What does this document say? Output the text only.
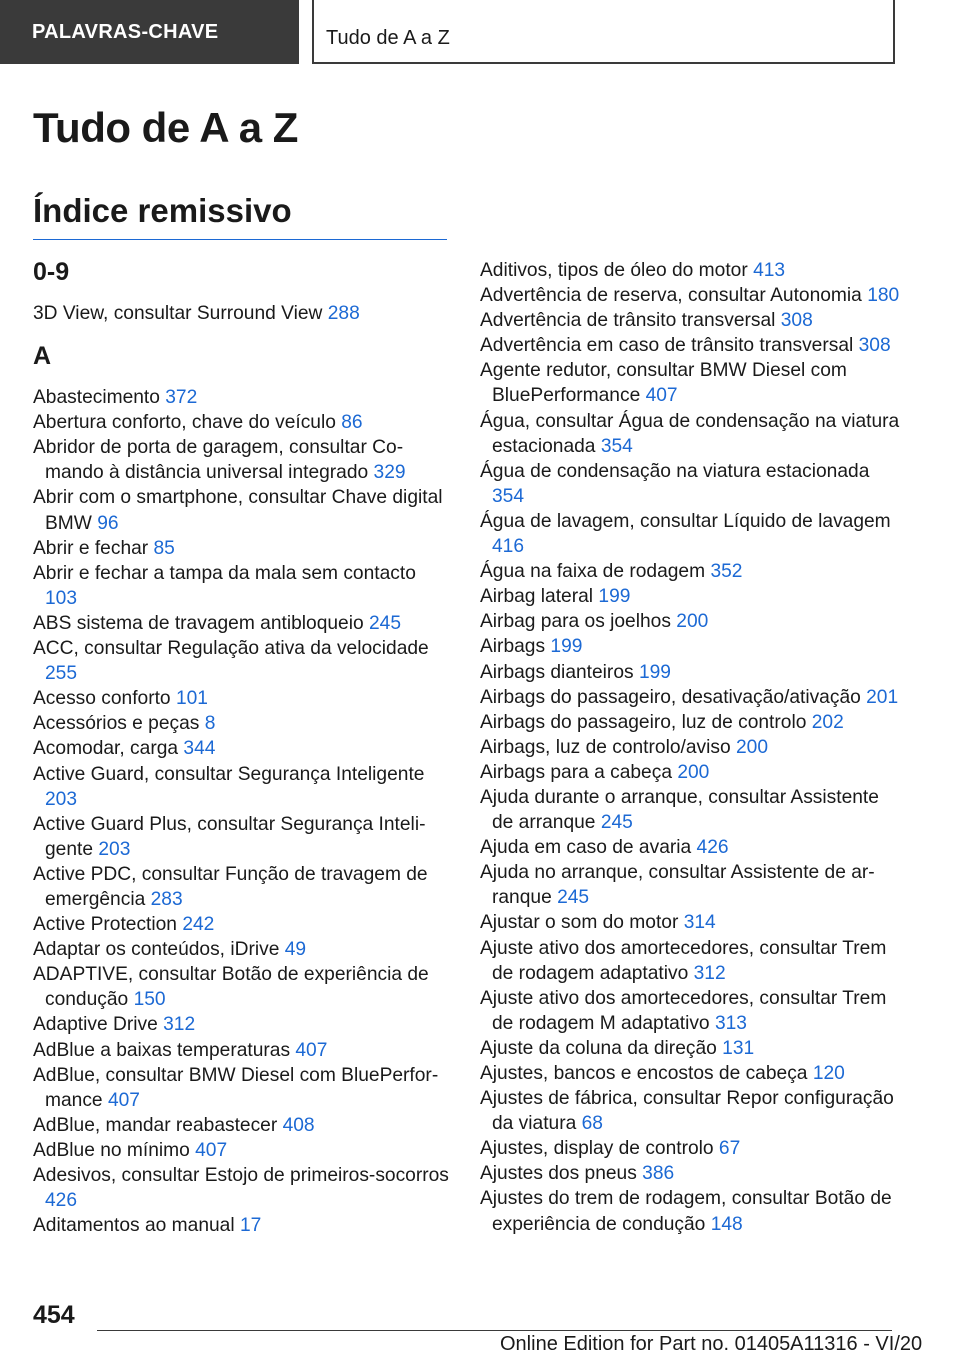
PALAVRAS-CHAVE	Tudo de A a Z
Tudo de A a Z
Índice remissivo
0-9

3D View, consultar Surround View 288

A

Abastecimento 372

Abertura conforto, chave do veículo 86

Abridor de porta de garagem, consultar Comando à distância universal integrado 329

Abrir com o smartphone, consultar Chave digital BMW 96

Abrir e fechar 85

Abrir e fechar a tampa da mala sem contacto 103

ABS sistema de travagem antibloqueio 245

ACC, consultar Regulação ativa da velocidade 255

Acesso conforto 101

Acessórios e peças 8

Acomodar, carga 344

Active Guard, consultar Segurança Inteligente 203

Active Guard Plus, consultar Segurança Inteligente 203

Active PDC, consultar Função de travagem de emergência 283

Active Protection 242

Adaptar os conteúdos, iDrive 49

ADAPTIVE, consultar Botão de experiência de condução 150

Adaptive Drive 312

AdBlue a baixas temperaturas 407

AdBlue, consultar BMW Diesel com BluePerformance 407

AdBlue, mandar reabastecer 408

AdBlue no mínimo 407

Adesivos, consultar Estojo de primeiros-socorros 426

Aditamentos ao manual 17

Aditivos, tipos de óleo do motor 413

Advertência de reserva, consultar Autonomia 180

Advertência de trânsito transversal 308

Advertência em caso de trânsito transversal 308

Agente redutor, consultar BMW Diesel com BluePerformance 407

Água, consultar Água de condensação na viatura estacionada 354

Água de condensação na viatura estacionada 354

Água de lavagem, consultar Líquido de lavagem 416

Água na faixa de rodagem 352

Airbag lateral 199

Airbag para os joelhos 200

Airbags 199

Airbags dianteiros 199

Airbags do passageiro, desativação/ativação 201

Airbags do passageiro, luz de controlo 202

Airbags, luz de controlo/aviso 200

Airbags para a cabeça 200

Ajuda durante o arranque, consultar Assistente de arranque 245

Ajuda em caso de avaria 426

Ajuda no arranque, consultar Assistente de arranque 245

Ajustar o som do motor 314

Ajuste ativo dos amortecedores, consultar Trem de rodagem adaptativo 312

Ajuste ativo dos amortecedores, consultar Trem de rodagem M adaptativo 313

Ajuste da coluna da direção 131

Ajustes, bancos e encostos de cabeça 120

Ajustes de fábrica, consultar Repor configuração da viatura 68

Ajustes, display de controlo 67

Ajustes dos pneus 386

Ajustes do trem de rodagem, consultar Botão de experiência de condução 148

454
Online Edition for Part no. 01405A11316 - VI/20
